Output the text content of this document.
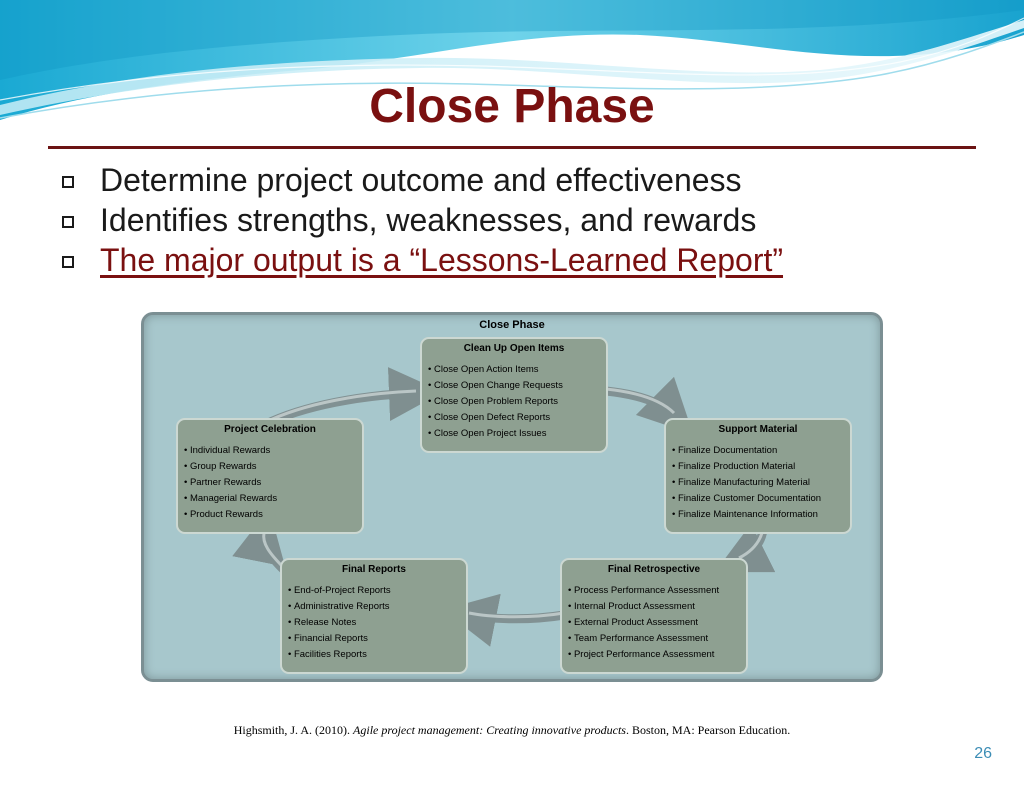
Close Phase
Determine project outcome and effectiveness
Identifies strengths, weaknesses, and rewards
The major output is a “Lessons-Learned Report”
Close Phase
Clean Up Open Items
• Close Open Action Items
• Close Open Change Requests
• Close Open Problem Reports
• Close Open Defect Reports
• Close Open Project Issues
Project Celebration
• Individual Rewards
• Group Rewards
• Partner Rewards
• Managerial Rewards
• Product Rewards
Support Material
• Finalize Documentation
• Finalize Production Material
• Finalize Manufacturing Material
• Finalize Customer Documentation
• Finalize Maintenance Information
Final Reports
• End-of-Project Reports
• Administrative Reports
• Release Notes
• Financial Reports
• Facilities Reports
Final Retrospective
• Process Performance Assessment
• Internal Product Assessment
• External Product Assessment
• Team Performance Assessment
• Project Performance Assessment
Highsmith, J. A. (2010). Agile project management: Creating innovative products. Boston, MA: Pearson Education.
26
